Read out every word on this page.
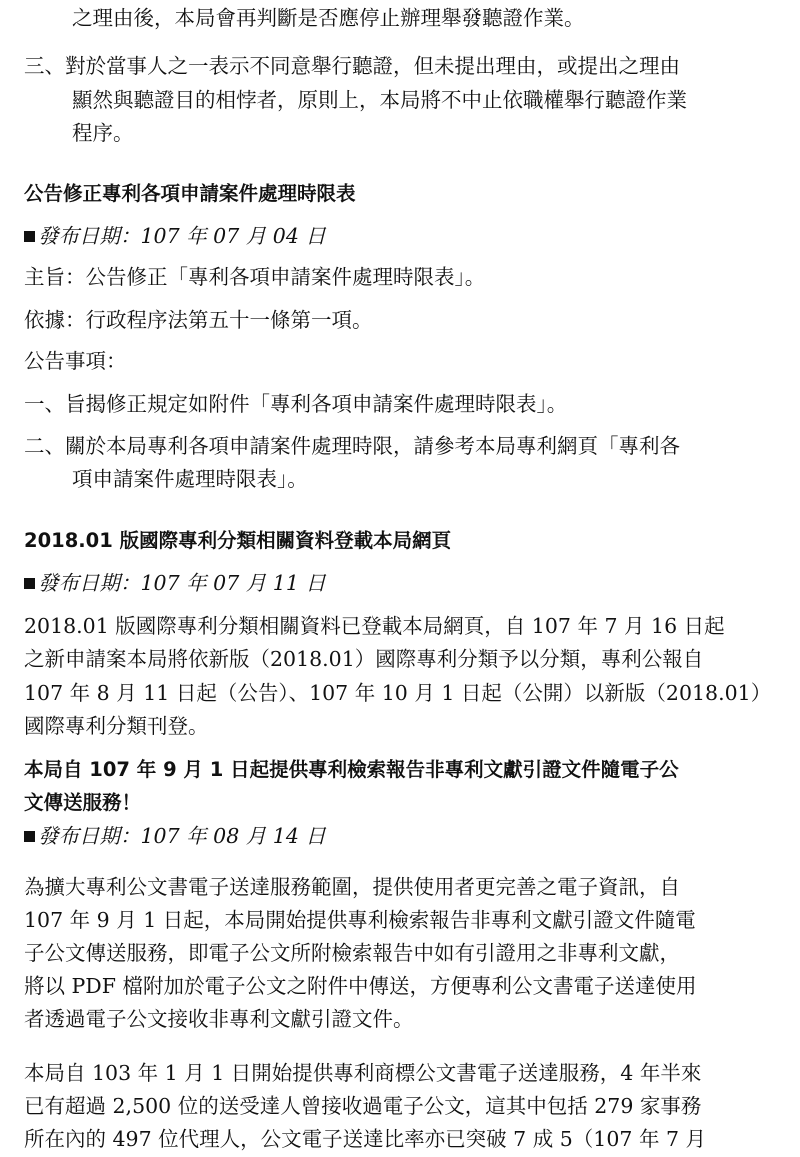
之理由後，本局會再判斷是否應停止辦理舉發聽證作業。
三、對於當事人之一表示不同意舉行聽證，但未提出理由，或提出之理由
顯然與聽證目的相悖者，原則上，本局將不中止依職權舉行聽證作業
程序。
公告修正專利各項申請案件處理時限表
發布日期：107 年 07 月 04 日
主旨：公告修正「專利各項申請案件處理時限表」。
依據：行政程序法第五十一條第一項。
公告事項：
一、旨揭修正規定如附件「專利各項申請案件處理時限表」。
二、關於本局專利各項申請案件處理時限，請參考本局專利網頁「專利各
項申請案件處理時限表」。
2018.01 版國際專利分類相關資料登載本局網頁
發布日期：107 年 07 月 11 日
2018.01 版國際專利分類相關資料已登載本局網頁，自 107 年 7 月 16 日起
之新申請案本局將依新版（2018.01）國際專利分類予以分類，專利公報自
107 年 8 月 11 日起（公告）、107 年 10 月 1 日起（公開）以新版（2018.01）
國際專利分類刊登。
本局自 107 年 9 月 1 日起提供專利檢索報告非專利文獻引證文件隨電子公
文傳送服務！
發布日期：107 年 08 月 14 日
為擴大專利公文書電子送達服務範圍，提供使用者更完善之電子資訊，自
107 年 9 月 1 日起，本局開始提供專利檢索報告非專利文獻引證文件隨電
子公文傳送服務，即電子公文所附檢索報告中如有引證用之非專利文獻，
將以 PDF 檔附加於電子公文之附件中傳送，方便專利公文書電子送達使用
者透過電子公文接收非專利文獻引證文件。
本局自 103 年 1 月 1 日開始提供專利商標公文書電子送達服務，4 年半來
已有超過 2,500 位的送受達人曾接收過電子公文，這其中包括 279 家事務
所在內的 497 位代理人，公文電子送達比率亦已突破 7 成 5（107 年 7 月
